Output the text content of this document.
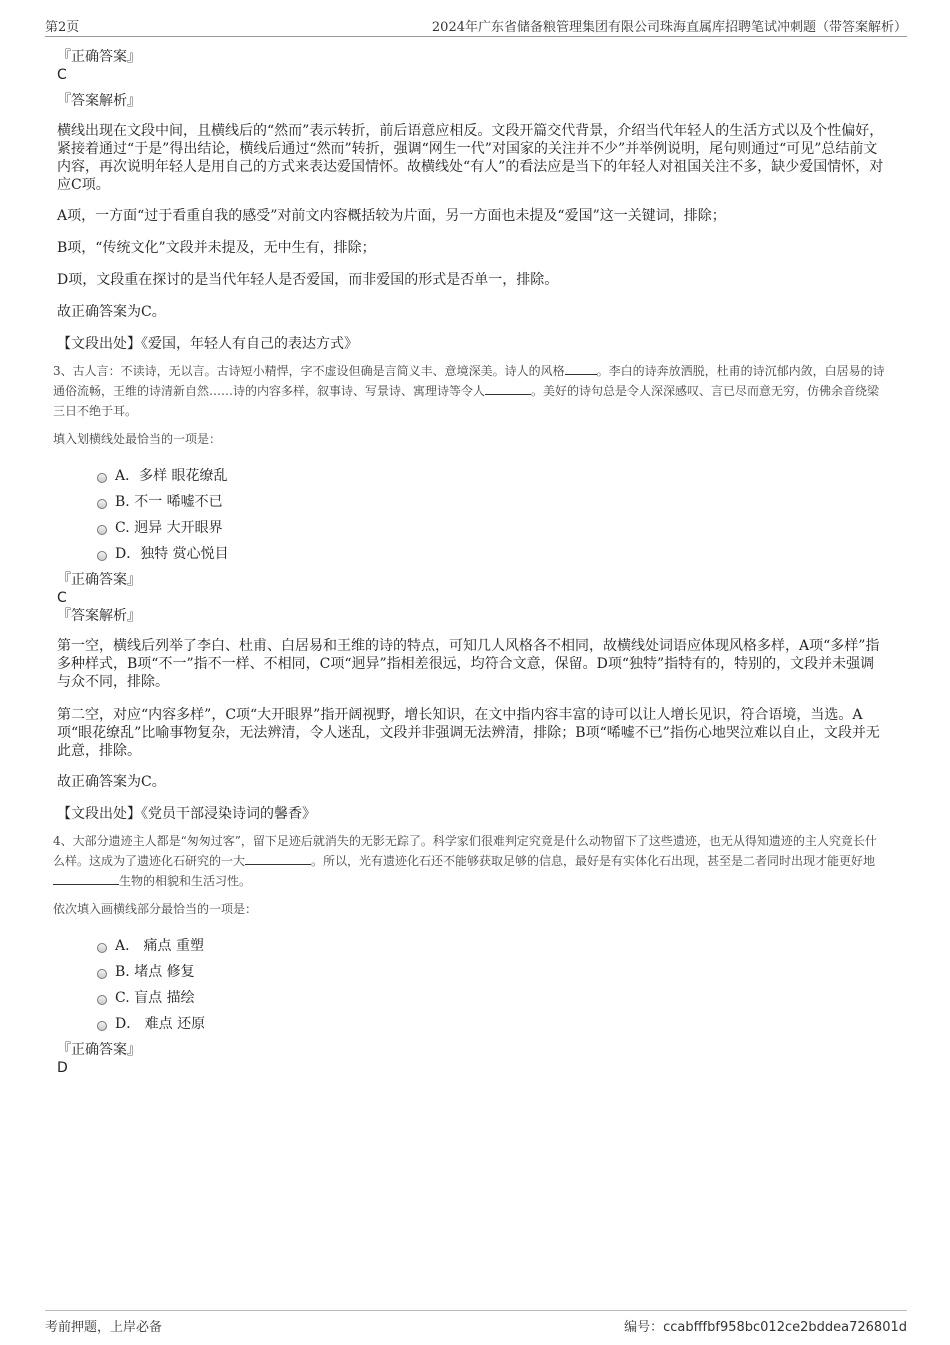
第2页	2024年广东省储备粮管理集团有限公司珠海直属库招聘笔试冲刺题（带答案解析）

『正确答案』

C

『答案解析』

横线出现在文段中间，且横线后的“然而”表示转折，前后语意应相反。文段开篇交代背景，介绍当代年轻人的生活方式以及个性偏好，紧接着通过“于是”得出结论，横线后通过“然而”转折，强调“网生一代”对国家的关注并不少”并举例说明，尾句则通过“可见”总结前文内容，再次说明年轻人是用自己的方式来表达爱国情怀。故横线处“有人”的看法应是当下的年轻人对祖国关注不多，缺少爱国情怀，对应C项。

A项，一方面“过于看重自我的感受”对前文内容概括较为片面，另一方面也未提及“爱国”这一关键词，排除；

B项，“传统文化”文段并未提及，无中生有，排除；

D项，文段重在探讨的是当代年轻人是否爱国，而非爱国的形式是否单一，排除。

故正确答案为C。

【文段出处】《爱国，年轻人有自己的表达方式》

3、古人言：不读诗，无以言。古诗短小精悍，字不虚设但确是言简义丰、意境深美。诗人的风格	。李白的诗奔放洒脱，杜甫的诗沉郁内敛，白居易的诗通俗流畅，王维的诗清新自然……诗的内容多样，叙事诗、写景诗、寓理诗等令人	。美好的诗句总是令人深深感叹、言已尽而意无穷，仿佛余音绕梁三日不绝于耳。

填入划横线处最恰当的一项是：

A．多样 眼花缭乱
B. 不一 唏嘘不已
C. 迥异 大开眼界
D．独特 赏心悦目

『正确答案』

C

『答案解析』

第一空，横线后列举了李白、杜甫、白居易和王维的诗的特点，可知几人风格各不相同，故横线处词语应体现风格多样，A项“多样”指多种样式，B项“不一”指不一样、不相同，C项“迥异”指相差很远，均符合文意，保留。D项“独特”指特有的，特别的，文段并未强调与众不同，排除。

第二空，对应“内容多样”，C项“大开眼界”指开阔视野，增长知识，在文中指内容丰富的诗可以让人增长见识，符合语境，当选。A项“眼花缭乱”比喻事物复杂，无法辨清，令人迷乱，文段并非强调无法辨清，排除；B项“唏嘘不已”指伤心地哭泣难以自止，文段并无此意，排除。

故正确答案为C。

【文段出处】《党员干部浸染诗词的馨香》

4、大部分遗迹主人都是“匆匆过客”，留下足迹后就消失的无影无踪了。科学家们很难判定究竟是什么动物留下了这些遗迹，也无从得知遗迹的主人究竟长什么样。这成为了遗迹化石研究的一大	。所以，光有遗迹化石还不能够获取足够的信息，最好是有实体化石出现，甚至是二者同时出现才能更好地生物的相貌和生活习性。

依次填入画横线部分最恰当的一项是：

A． 痛点 重塑
B. 堵点 修复
C. 盲点 描绘
D． 难点 还原

『正确答案』

D

考前押题，上岸必备	编号：ccabfffbf958bc012ce2bddea726801d
